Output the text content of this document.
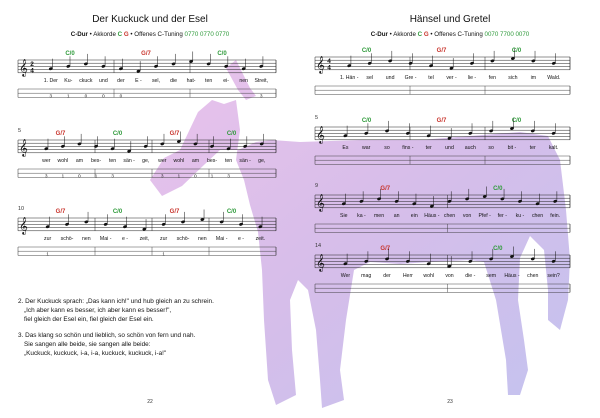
Der Kuckuck und der Esel
C-Dur • Akkorde C G • Offenes C-Tuning 0770 0770 0770
2. Der Kuckuck sprach: „Das kann ich!" und hub gleich an zu schrein.
„Ich aber kann es besser, ich aber kann es besser!",
fiel gleich der Esel ein, fiel gleich der Esel ein.
3. Das klang so schön und lieblich, so schön von fern und nah.
Sie sangen alle beide, sie sangen alle beide:
„Kuckuck, kuckuck, i-a, i-a, kuckuck, kuckuck, i-a!"
22
Hänsel und Gretel
C-Dur • Akkorde C G • Offenes C-Tuning 0070 7700 0070
23
𝄞 2
4
C/0	G/7	C/0
1. Der
3
Ku-
1
ckuck
0
und
0
der
0
E - sel, die hat- ten ei- nen Streit,
3
𝄞
5	G/7	C/0	G/7	C/0
wer
3
wohl
1
am
0
bes-
1
ten
3
sän - ge, wer
3
wohl
1
am
0
bes-
1
ten
3
sän - ge,
𝄞
10	G/7	C/0	G/7	C/0
zur
1
schö- nen Mai - e - zeit, zur
1
schö- nen Mai - e - zeit.
𝄞 4
4
C/0	G/7	C/0
1. Hän - sel und Gre - tel ver - lie - fen sich	im Wald.
𝄞
5	C/0	G/7	C/0
Es	war	so fins - ter	und auch so	bit -	ter	kalt.
𝄞
9	G/7	C/0
Sie ka - men an ein Häus - chen von Pfef - fer - ku - chen fein.
𝄞
14	G/7	C/0
Wer mag der Herr wohl von die - sem Häus - chen sein?
